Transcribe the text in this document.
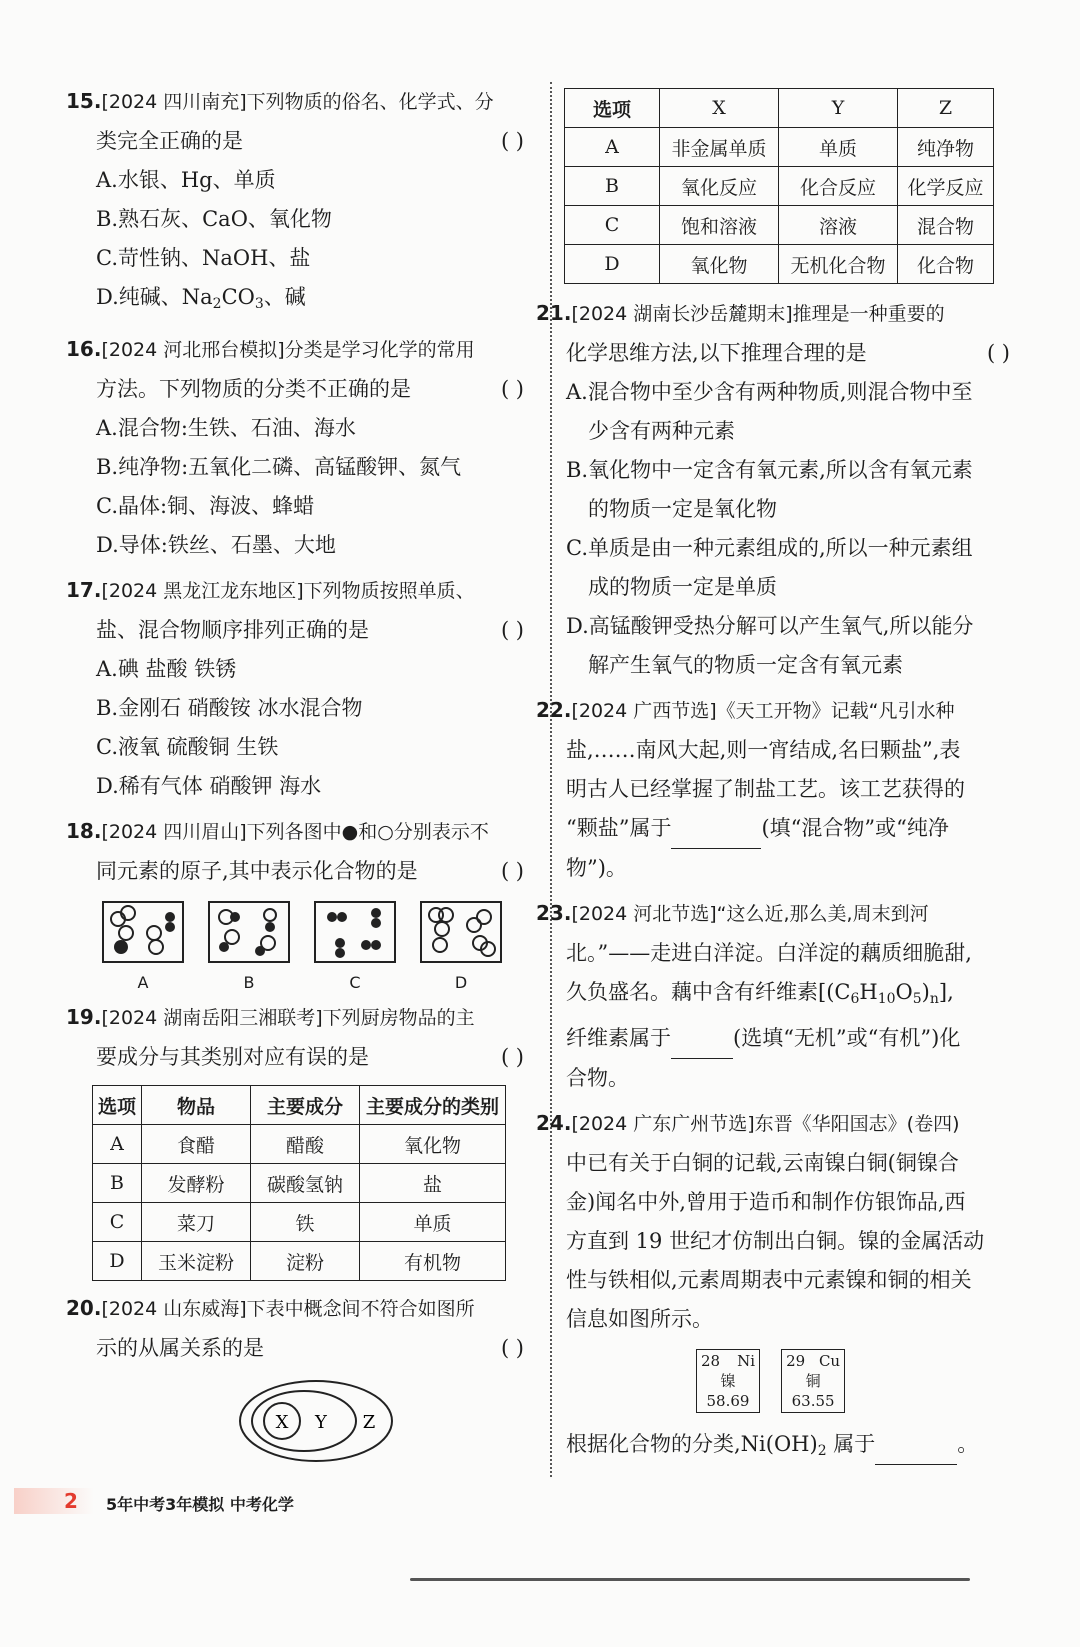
15.[2024 四川南充]下列物质的俗名、化学式、分

类完全正确的是	( )

A.水银、Hg、单质

B.熟石灰、CaO、氧化物

C.苛性钠、NaOH、盐

D.纯碱、$Na_2CO_3$、碱

16.[2024 河北邢台模拟]分类是学习化学的常用

方法。下列物质的分类不正确的是	( )

A.混合物:生铁、石油、海水

B.纯净物:五氧化二磷、高锰酸钾、氮气

C.晶体:铜、海波、蜂蜡

D.导体:铁丝、石墨、大地

17.[2024 黑龙江龙东地区]下列物质按照单质、

盐、混合物顺序排列正确的是	( )

A.碘 盐酸 铁锈

B.金刚石 硝酸铵 冰水混合物

C.液氧 硫酸铜 生铁

D.稀有气体 硝酸钾 海水

18.[2024 四川眉山]下列各图中●和○分别表示不

同元素的原子,其中表示化合物的是	( )

A	B	C	D

19.[2024 湖南岳阳三湘联考]下列厨房物品的主

要成分与其类别对应有误的是	( )

选项	物品	主要成分	主要成分的类别
A	食醋	醋酸	氧化物
B	发酵粉	碳酸氢钠	盐
C	菜刀	铁	单质
D	玉米淀粉	淀粉	有机物

20.[2024 山东威海]下表中概念间不符合如图所

示的从属关系的是	( )

X Y Z
选项	X	Y	Z
A	非金属单质	单质	纯净物
B	氧化反应	化合反应	化学反应
C	饱和溶液	溶液	混合物
D	氧化物	无机化合物	化合物

21.[2024 湖南长沙岳麓期末]推理是一种重要的

化学思维方法,以下推理合理的是	( )

A.混合物中至少含有两种物质,则混合物中至

少含有两种元素

B.氧化物中一定含有氧元素,所以含有氧元素

的物质一定是氧化物

C.单质是由一种元素组成的,所以一种元素组

成的物质一定是单质

D.高锰酸钾受热分解可以产生氧气,所以能分

解产生氧气的物质一定含有氧元素

22.[2024 广西节选]《天工开物》记载“凡引水种

盐,……南风大起,则一宵结成,名曰颗盐”,表

明古人已经掌握了制盐工艺。该工艺获得的

“颗盐”属于	(填“混合物”或“纯净

物”)。

23.[2024 河北节选]“这么近,那么美,周末到河

北。”——走进白洋淀。白洋淀的藕质细脆甜,

久负盛名。藕中含有纤维素$[(C_6H_{10}O_5)_n]$,

纤维素属于	(选填“无机”或“有机”)化

合物。

24.[2024 广东广州节选]东晋《华阳国志》(卷四)

中已有关于白铜的记载,云南镍白铜(铜镍合

金)闻名中外,曾用于造币和制作仿银饰品,西

方直到 19 世纪才仿制出白铜。镍的金属活动

性与铁相似,元素周期表中元素镍和铜的相关

信息如图所示。

28 Ni
镍
58.69

29 Cu
铜
63.55

根据化合物的分类$,Ni(OH)_2$ 属于	。

2 5年中考3年模拟 中考化学
